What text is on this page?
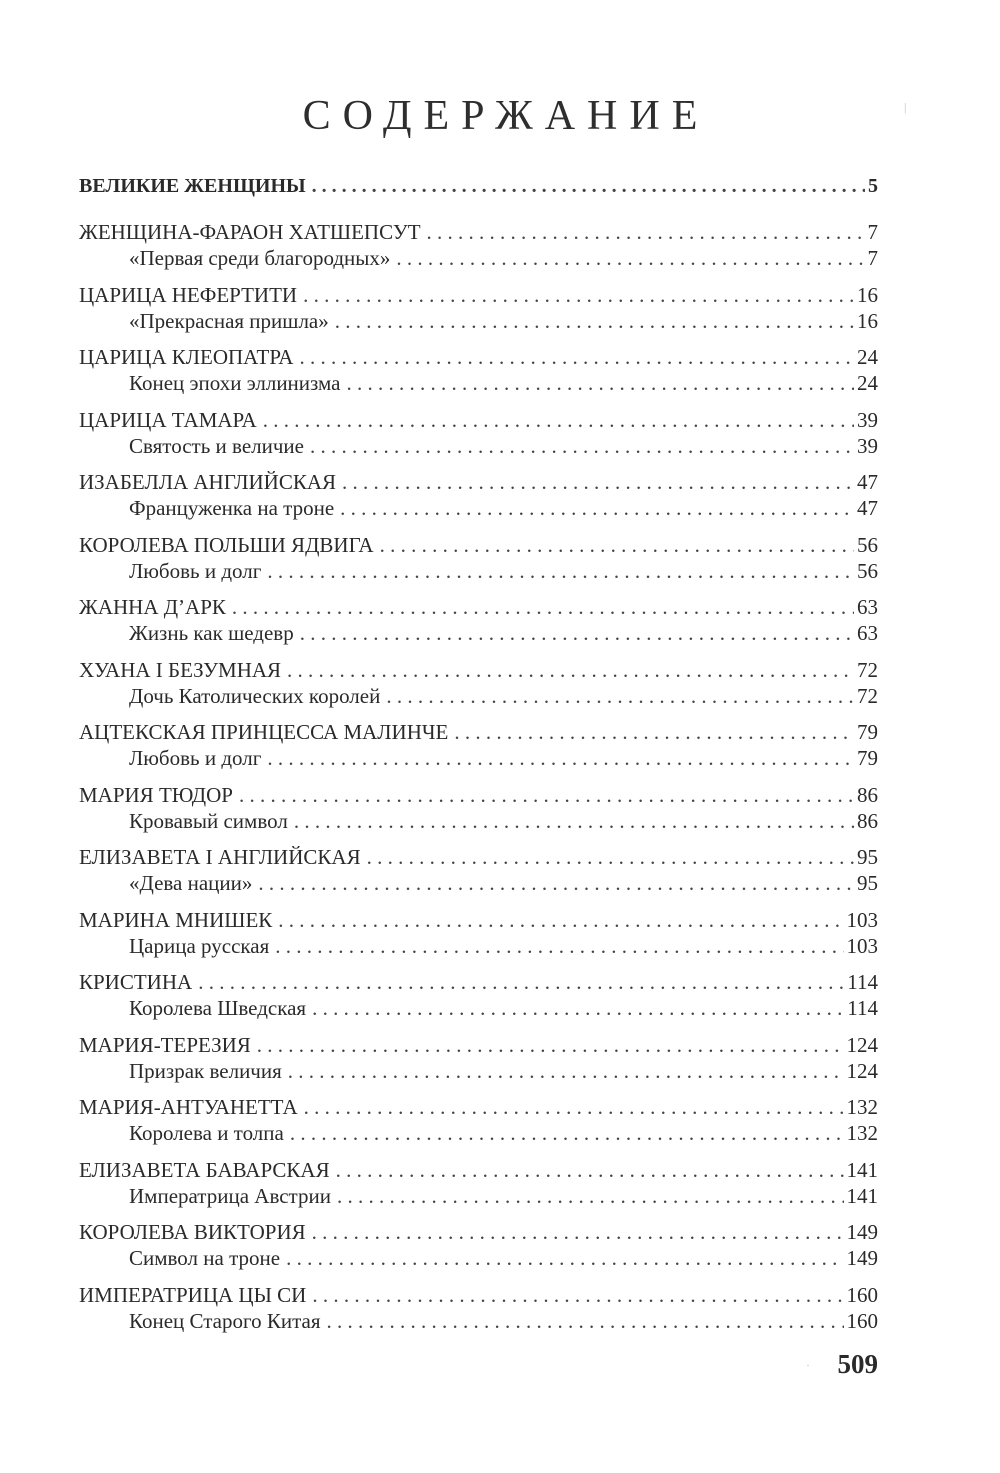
СОДЕРЖАНИЕ
ВЕЛИКИЕ ЖЕНЩИНЫ . . .	5
ЖЕНЩИНА-ФАРАОН ХАТШЕПСУТ . . .	7
«Первая среди благородных» . . .	7
ЦАРИЦА НЕФЕРТИТИ . . .	16
«Прекрасная пришла» . . .	16
ЦАРИЦА КЛЕОПАТРА . . .	24
Конец эпохи эллинизма . . .	24
ЦАРИЦА ТАМАРА . . .	39
Святость и величие . . .	39
ИЗАБЕЛЛА АНГЛИЙСКАЯ . . .	47
Француженка на троне . . .	47
КОРОЛЕВА ПОЛЬШИ ЯДВИГА . . .	56
Любовь и долг . . .	56
ЖАННА Д’АРК . . .	63
Жизнь как шедевр . . .	63
ХУАНА I БЕЗУМНАЯ . . .	72
Дочь Католических королей . . .	72
АЦТЕКСКАЯ ПРИНЦЕССА МАЛИНЧЕ . . .	79
Любовь и долг . . .	79
МАРИЯ ТЮДОР . . .	86
Кровавый символ . . .	86
ЕЛИЗАВЕТА I АНГЛИЙСКАЯ . . .	95
«Дева нации» . . .	95
МАРИНА МНИШЕК . . .	103
Царица русская . . .	103
КРИСТИНА . . .	114
Королева Шведская . . .	114
МАРИЯ-ТЕРЕЗИЯ . . .	124
Призрак величия . . .	124
МАРИЯ-АНТУАНЕТТА . . .	132
Королева и толпа . . .	132
ЕЛИЗАВЕТА БАВАРСКАЯ . . .	141
Императрица Австрии . . .	141
КОРОЛЕВА ВИКТОРИЯ . . .	149
Символ на троне . . .	149
ИМПЕРАТРИЦА ЦЫ СИ . . .	160
Конец Старого Китая . . .	160
509
|
·
